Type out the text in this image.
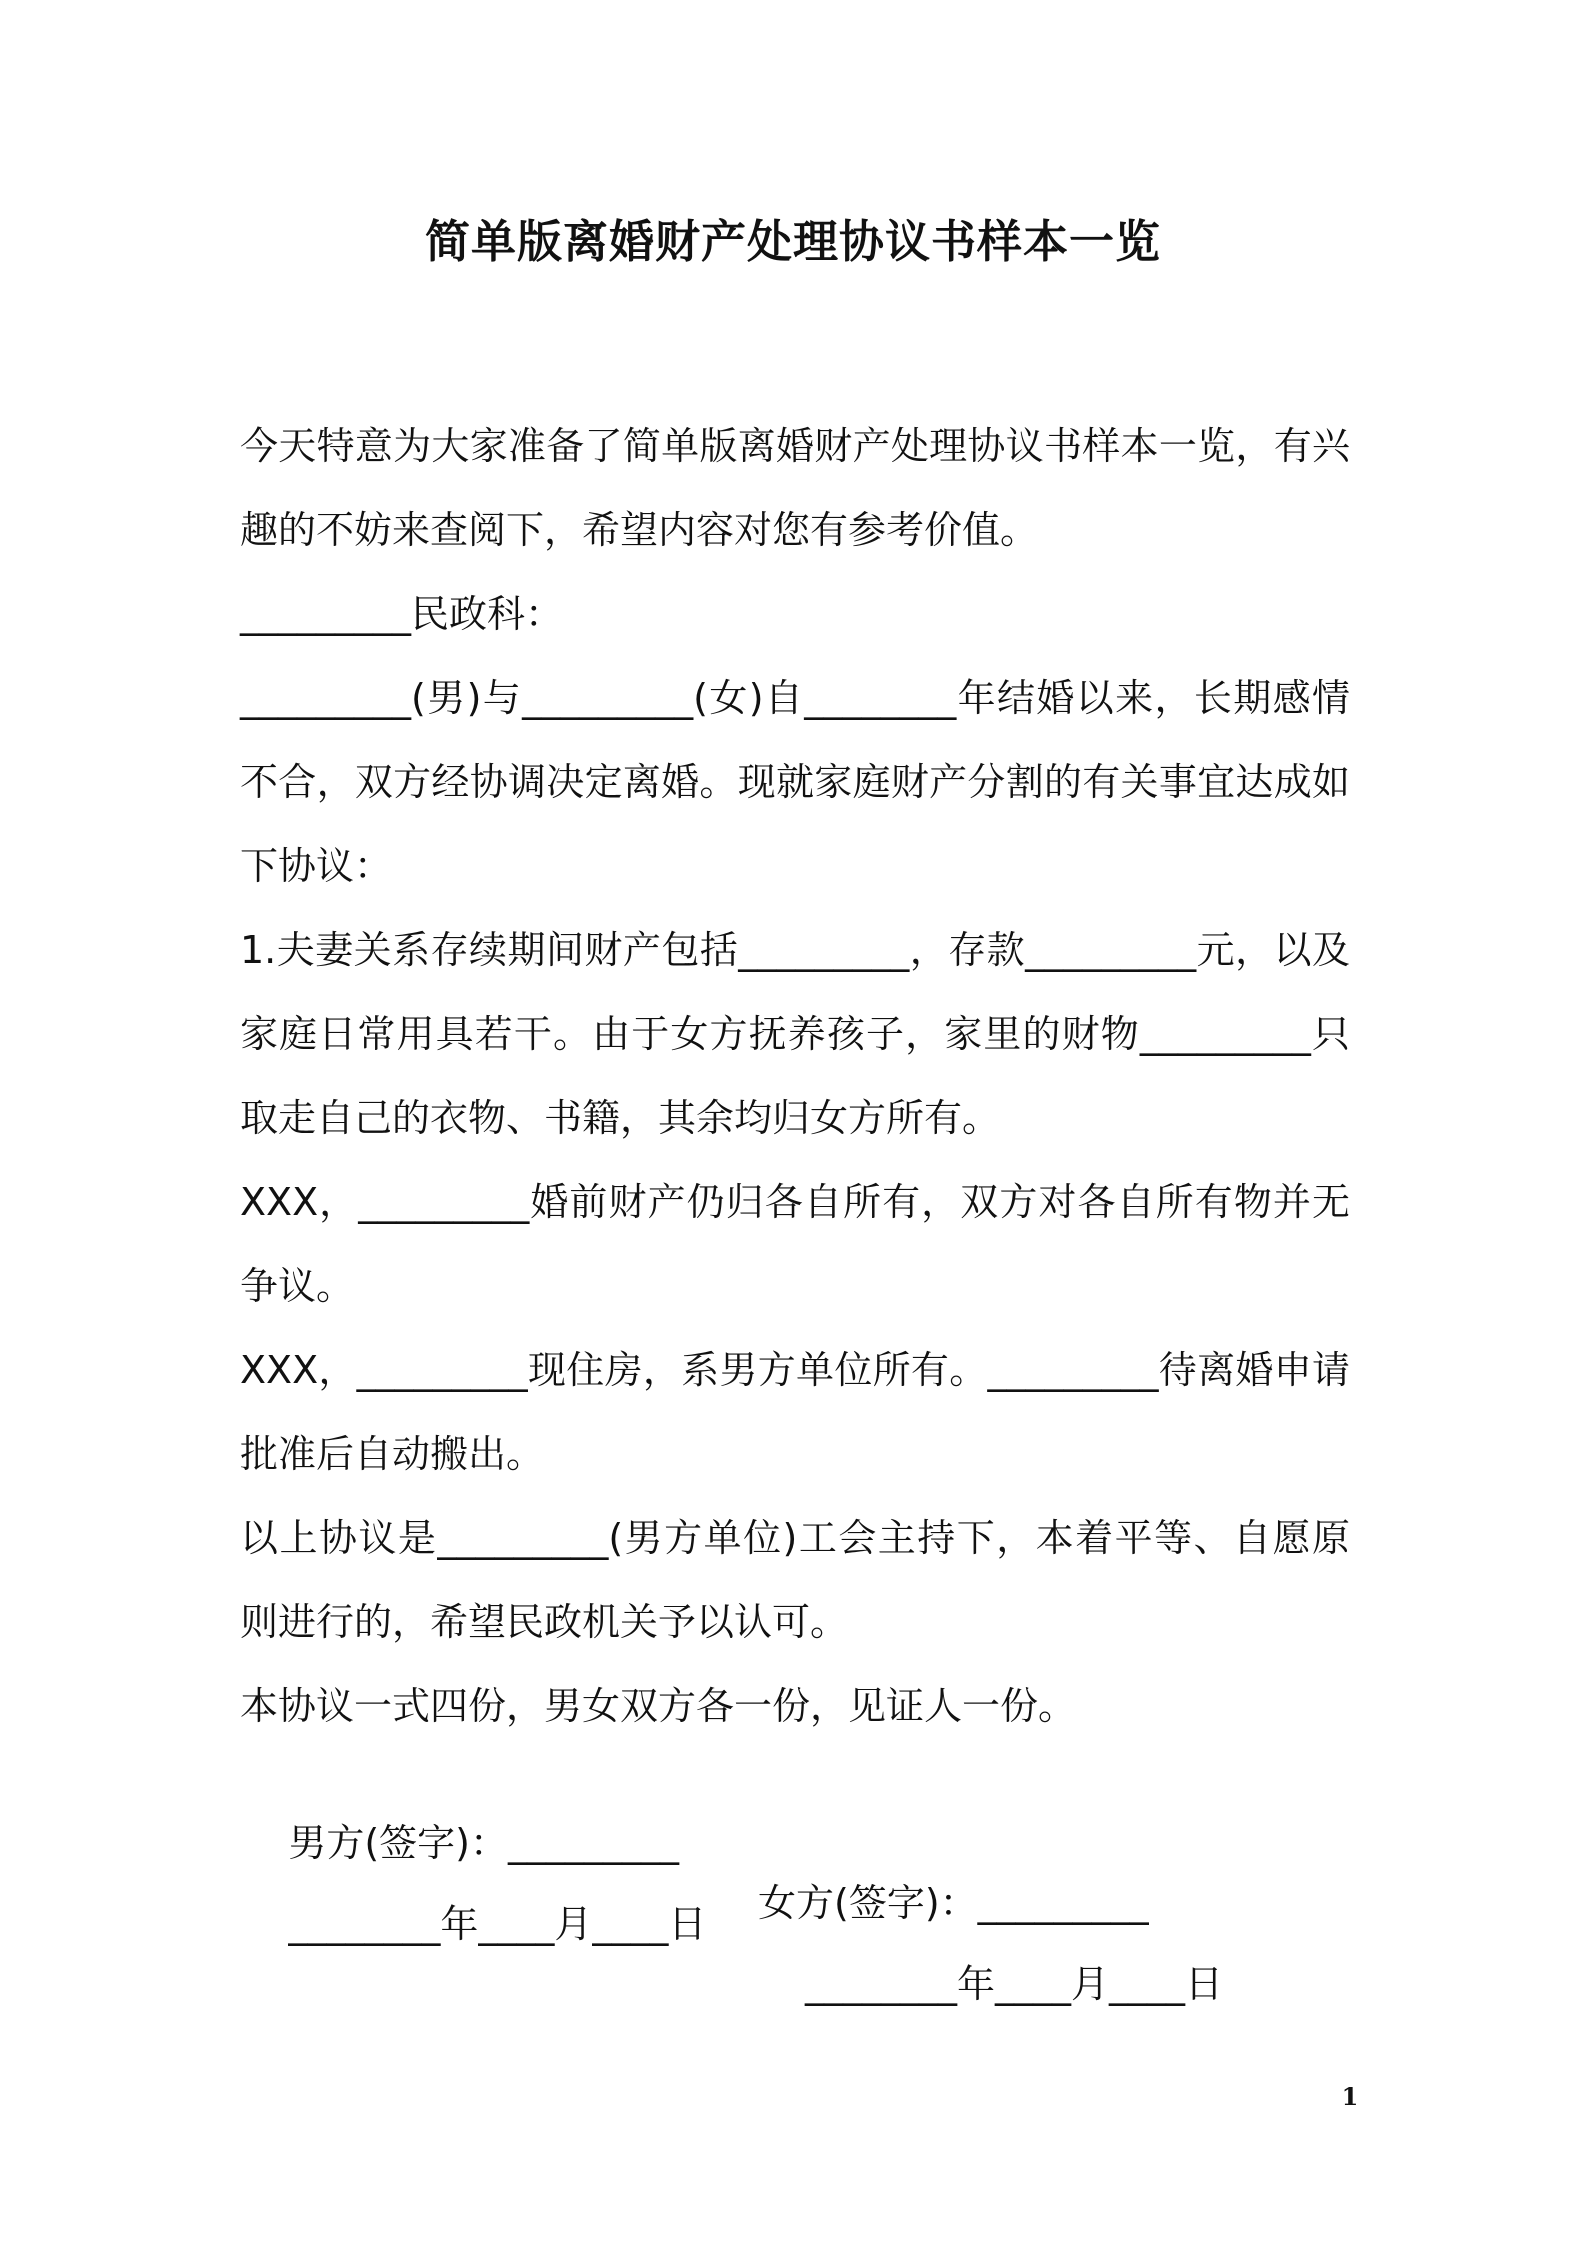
简单版离婚财产处理协议书样本一览

今天特意为大家准备了简单版离婚财产处理协议书样本一览，有兴趣的不妨来查阅下，希望内容对您有参考价值。

_________民政科：

_________(男)与_________(女)自________年结婚以来，长期感情不合，双方经协调决定离婚。现就家庭财产分割的有关事宜达成如下协议：

1.夫妻关系存续期间财产包括_________，存款_________元，以及家庭日常用具若干。由于女方抚养孩子，家里的财物_________只取走自己的衣物、书籍，其余均归女方所有。

XXX，_________婚前财产仍归各自所有，双方对各自所有物并无争议。

XXX，_________现住房，系男方单位所有。_________待离婚申请批准后自动搬出。

以上协议是_________(男方单位)工会主持下，本着平等、自愿原则进行的，希望民政机关予以认可。

本协议一式四份，男女双方各一份，见证人一份。

男方(签字)：_________

女方(签字)：_________

________年____月____日

________年____月____日

1
